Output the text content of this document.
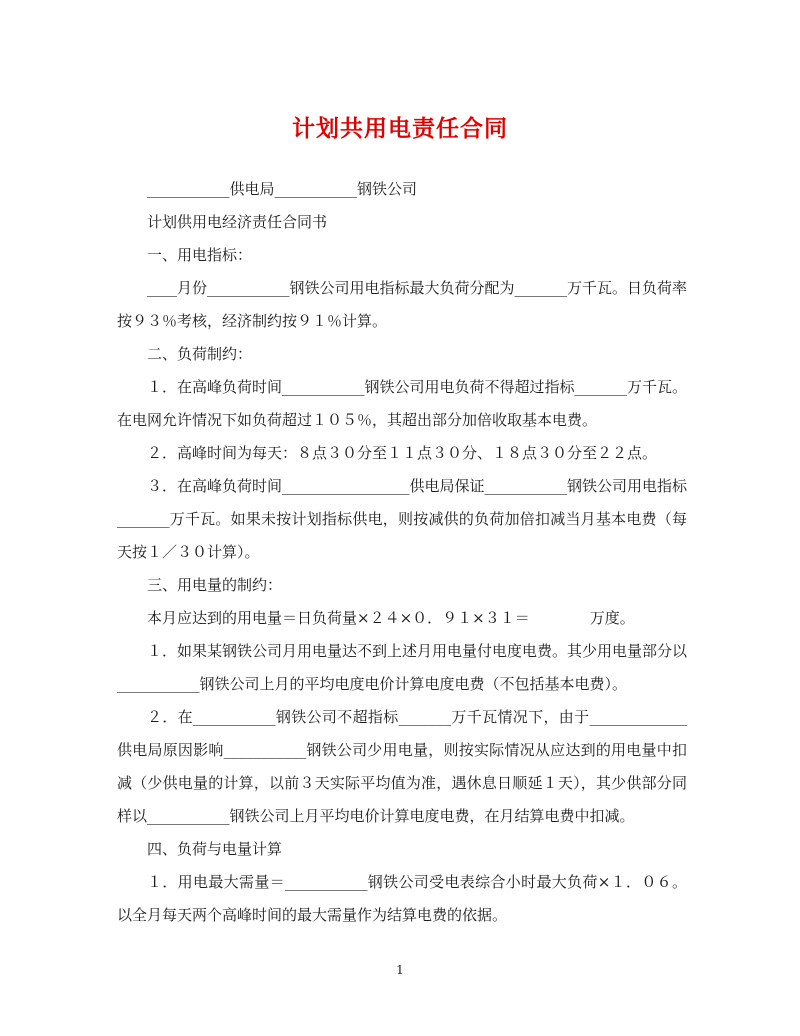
计划共用电责任合同

___________供电局___________钢铁公司

计划供用电经济责任合同书

一、用电指标：

____月份___________钢铁公司用电指标最大负荷分配为_______万千瓦。日负荷率按９３％考核，经济制约按９１％计算。

二、负荷制约：

１．在高峰负荷时间___________钢铁公司用电负荷不得超过指标_______万千瓦。在电网允许情况下如负荷超过１０５％，其超出部分加倍收取基本电费。

２．高峰时间为每天：８点３０分至１１点３０分、１８点３０分至２２点。

３．在高峰负荷时间_________________供电局保证___________钢铁公司用电指标_______万千瓦。如果未按计划指标供电，则按减供的负荷加倍扣减当月基本电费（每天按１／３０计算）。

三、用电量的制约：

本月应达到的用电量＝日负荷量×２４×０．９１×３１＝　　　　万度。

１．如果某钢铁公司月用电量达不到上述月用电量付电度电费。其少用电量部分以___________钢铁公司上月的平均电度电价计算电度电费（不包括基本电费）。

２．在___________钢铁公司不超指标_______万千瓦情况下，由于_____________供电局原因影响___________钢铁公司少用电量，则按实际情况从应达到的用电量中扣减（少供电量的计算，以前３天实际平均值为准，遇休息日顺延１天），其少供部分同样以___________钢铁公司上月平均电价计算电度电费，在月结算电费中扣减。

四、负荷与电量计算

１．用电最大需量＝___________钢铁公司受电表综合小时最大负荷×１．０６。以全月每天两个高峰时间的最大需量作为结算电费的依据。

1
